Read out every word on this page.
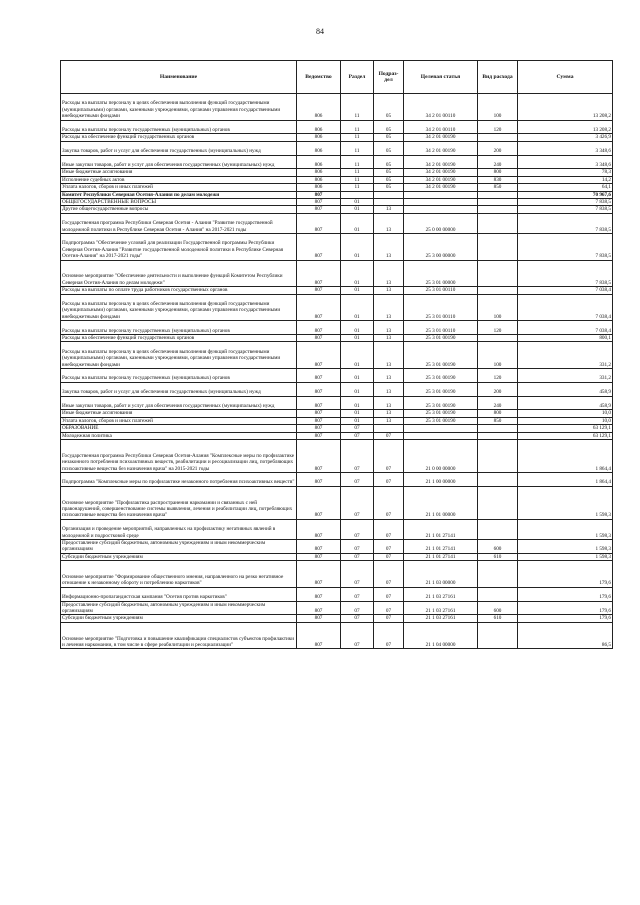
84
Наименование	Ведомство	Раздел	Подраз-дел	Целевая статья	Вид расхода	Сумма
Расходы на выплаты персоналу в целях обеспечения выполнения функций государственными (муниципальными) органами, казенными учреждениями, органами управления государственными внебюджетными фондами	806	11	05	34 2 01 00110	100	13 208,2
Расходы на выплаты персоналу государственных (муниципальных) органов	806	11	05	34 2 01 00110	120	13 208,2
Расходы на обеспечение функций государственных органов	806	11	05	34 2 01 00190		3 426,9
Закупка товаров, работ и услуг для обеспечения государственных (муниципальных) нужд	806	11	05	34 2 01 00190	200	3 348,6
Иные закупки товаров, работ и услуг для обеспечения государственных (муниципальных) нужд	806	11	05	34 2 01 00190	240	3 348,6
Иные бюджетные ассигнования	806	11	05	34 2 01 00190	800	78,3
Исполнение судебных актов	806	11	05	34 2 01 00190	830	14,2
Уплата налогов, сборов и иных платежей	806	11	05	34 2 01 00190	850	64,1
Комитет Республики Северная Осетия-Алания по делам молодежи	807					70 967,6
ОБЩЕГОСУДАРСТВЕННЫЕ ВОПРОСЫ	807	01				7 838,5
Другие общегосударственные вопросы	807	01	13			7 838,5
Государственная программа Республики Северная Осетия - Алания "Развитие государственной молодежной политики в Республике Северная Осетия - Алания" на 2017-2021 годы	807	01	13	25 0 00 00000		7 838,5
Подпрограмма "Обеспечение условий для реализации Государственной программы Республики Северная Осетия-Алания "Развитие государственной молодежной политики в Республике Северная Осетия-Алания" на 2017-2021 годы"	807	01	13	25 3 00 00000		7 838,5
Основное мероприятие "Обеспечение деятельности и выполнение функций Комитетом Республики Северная Осетия-Алания по делам молодежи"	807	01	13	25 3 01 00000		7 838,5
Расходы на выплаты по оплате труда работников государственных органов	807	01	13	25 3 01 00110		7 038,4
Расходы на выплаты персоналу в целях обеспечения выполнения функций государственными (муниципальными) органами, казенными учреждениями, органами управления государственными внебюджетными фондами	807	01	13	25 3 01 00110	100	7 038,4
Расходы на выплаты персоналу государственных (муниципальных) органов	807	01	13	25 3 01 00110	120	7 038,4
Расходы на обеспечение функций государственных органов	807	01	13	25 3 01 00190		800,1
Расходы на выплаты персоналу в целях обеспечения выполнения функций государственными (муниципальными) органами, казенными учреждениями, органами управления государственными внебюджетными фондами	807	01	13	25 3 01 00190	100	331,2
Расходы на выплаты персоналу государственных (муниципальных) органов	807	01	13	25 3 01 00190	120	331,2
Закупка товаров, работ и услуг для обеспечения государственных (муниципальных) нужд	807	01	13	25 3 01 00190	200	458,9
Иные закупки товаров, работ и услуг для обеспечения государственных (муниципальных) нужд	807	01	13	25 3 01 00190	240	458,9
Иные бюджетные ассигнования	807	01	13	25 3 01 00190	800	10,0
Уплата налогов, сборов и иных платежей	807	01	13	25 3 01 00190	850	10,0
ОБРАЗОВАНИЕ	807	07				63 129,1
Молодежная политика	807	07	07			63 129,1
Государственная программа Республики Северная Осетия-Алания "Комплексные меры по профилактике незаконного потребления психоактивных веществ, реабилитации и ресоциализации лиц, потребляющих психоактивные вещества без назначения врача" на 2015-2021 годы	807	07	07	21 0 00 00000		1 864,4
Подпрограмма "Комплексные меры по профилактике незаконного потребления психоактивных веществ"	807	07	07	21 1 00 00000		1 864,4
Основное мероприятие "Профилактика распространения наркомании и связанных с ней правонарушений, совершенствование системы выявления, лечения и реабилитации лиц, потребляющих психоактивные вещества без назначения врача"	807	07	07	21 1 01 00000		1 598,3
Организация и проведение мероприятий, направленных на профилактику негативных явлений в молодежной и подростковой среде	807	07	07	21 1 01 27141		1 598,3
Предоставление субсидий бюджетным, автономным учреждениям и иным некоммерческим организациям	807	07	07	21 1 01 27141	600	1 598,3
Субсидии бюджетным учреждениям	807	07	07	21 1 01 27141	610	1 598,3
Основное мероприятие "Формирование общественного мнения, направленного на резко негативное отношение к незаконному обороту и потреблению наркотиков"	807	07	07	21 1 03 00000		179,6
Информационно-пропагандистская кампания "Осетия против наркотиков"	807	07	07	21 1 03 27161		179,6
Предоставление субсидий бюджетным, автономным учреждениям и иным некоммерческим организациям	807	07	07	21 1 03 27161	600	179,6
Субсидии бюджетным учреждениям	807	07	07	21 1 03 27161	610	179,6
Основное мероприятие "Подготовка и повышение квалификации специалистов субъектов профилактики и лечения наркомании, в том числе в сфере реабилитации и ресоциализации"	807	07	07	21 1 04 00000		86,5
